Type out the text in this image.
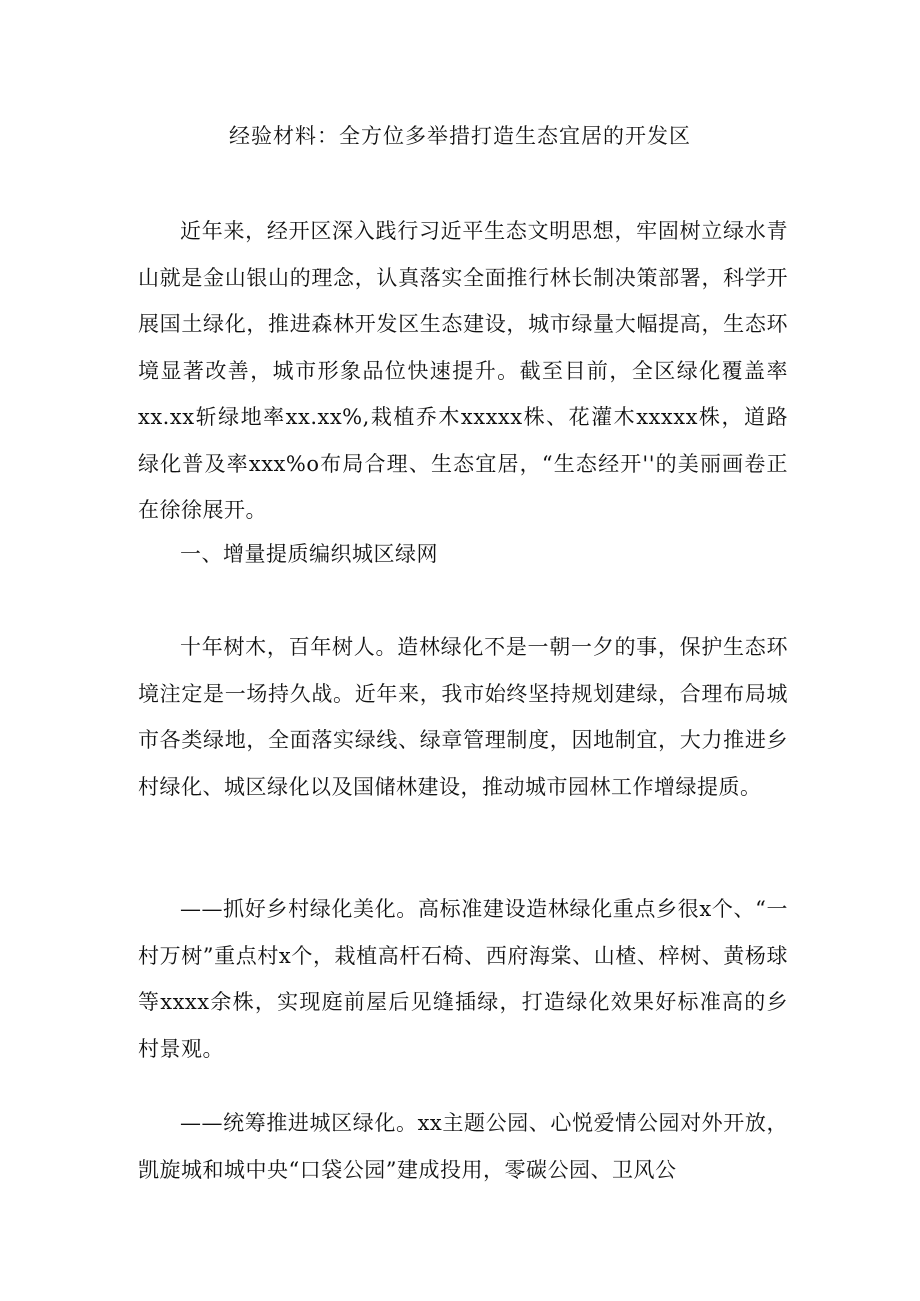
经验材料：全方位多举措打造生态宜居的开发区

近年来，经开区深入践行习近平生态文明思想，牢固树立绿水青山就是金山银山的理念，认真落实全面推行林长制决策部署，科学开展国土绿化，推进森林开发区生态建设，城市绿量大幅提高，生态环境显著改善，城市形象品位快速提升。截至目前，全区绿化覆盖率xx.xx斩绿地率xx.xx%,栽植乔木xxxxx株、花灌木xxxxx株，道路绿化普及率xxx%o布局合理、生态宜居，“生态经开''的美丽画卷正在徐徐展开。

一、增量提质编织城区绿网

十年树木，百年树人。造林绿化不是一朝一夕的事，保护生态环境注定是一场持久战。近年来，我市始终坚持规划建绿，合理布局城市各类绿地，全面落实绿线、绿章管理制度，因地制宜，大力推进乡村绿化、城区绿化以及国储林建设，推动城市园林工作增绿提质。

——抓好乡村绿化美化。高标准建设造林绿化重点乡很x个、“一村万树”重点村x个，栽植高杆石椅、西府海棠、山楂、梓树、黄杨球等xxxx余株，实现庭前屋后见缝插绿，打造绿化效果好标准高的乡村景观。

——统筹推进城区绿化。xx主题公园、心悦爱情公园对外开放，凯旋城和城中央“口袋公园”建成投用，零碳公园、卫风公
